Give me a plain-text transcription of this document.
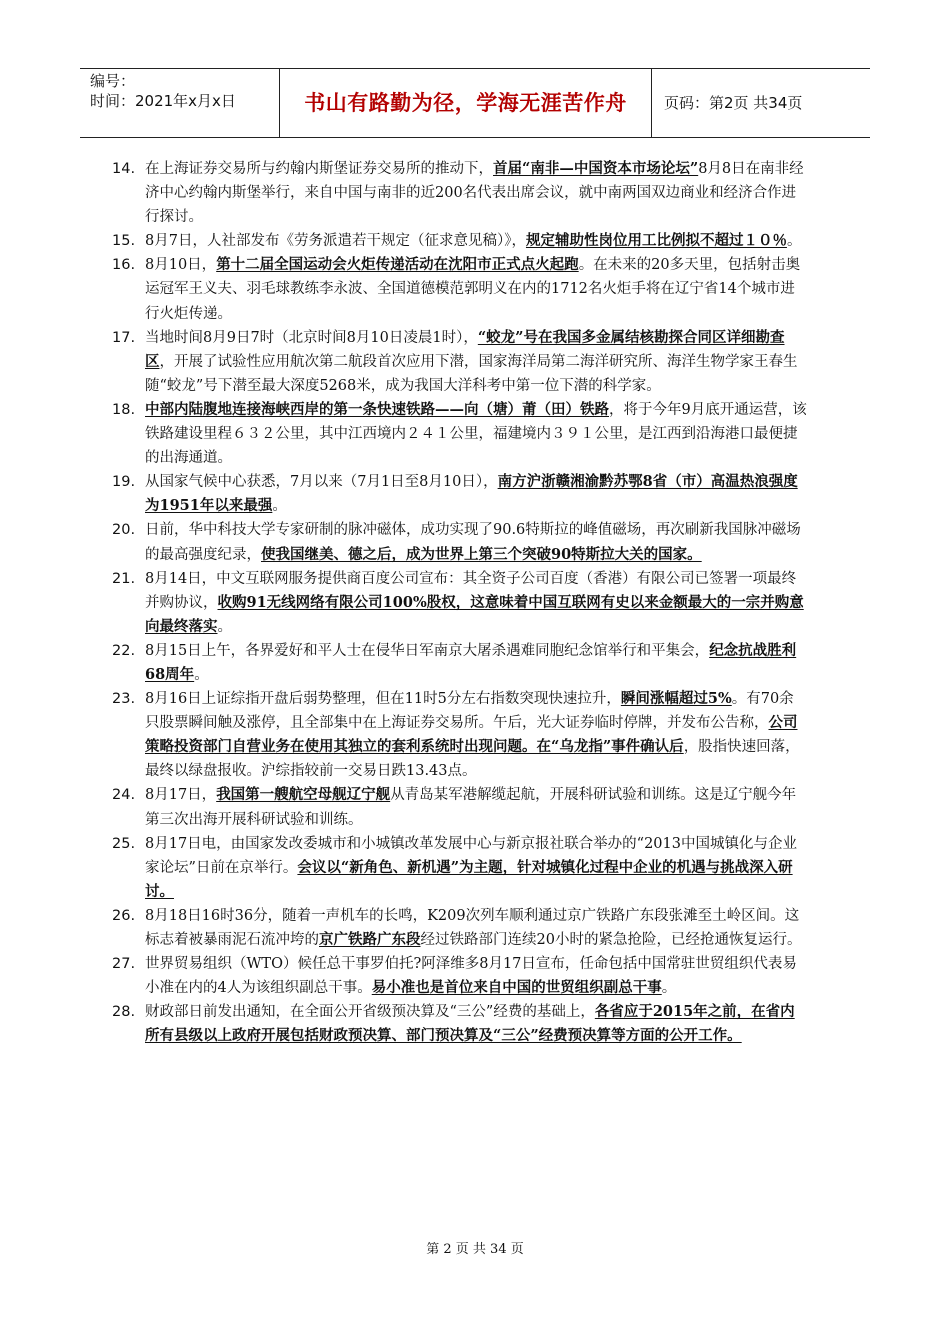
编号：
时间：2021年x月x日	书山有路勤为径，学海无涯苦作舟	页码：第2页 共34页
14. 在上海证券交易所与约翰内斯堡证券交易所的推动下，首届“南非—中国资本市场论坛”8月8日在南非经济中心约翰内斯堡举行，来自中国与南非的近200名代表出席会议，就中南两国双边商业和经济合作进行探讨。
15. 8月7日，人社部发布《劳务派遣若干规定（征求意见稿）》，规定辅助性岗位用工比例拟不超过１０％。
16. 8月10日，第十二届全国运动会火炬传递活动在沈阳市正式点火起跑。在未来的20多天里，包括射击奥运冠军王义夫、羽毛球教练李永波、全国道德模范郭明义在内的1712名火炬手将在辽宁省14个城市进行火炬传递。
17. 当地时间8月9日7时（北京时间8月10日凌晨1时），“蛟龙”号在我国多金属结核勘探合同区详细勘查区，开展了试验性应用航次第二航段首次应用下潜，国家海洋局第二海洋研究所、海洋生物学家王春生随“蛟龙”号下潜至最大深度5268米，成为我国大洋科考中第一位下潜的科学家。
18. 中部内陆腹地连接海峡西岸的第一条快速铁路——向（塘）莆（田）铁路，将于今年9月底开通运营，该铁路建设里程６３２公里，其中江西境内２４１公里，福建境内３９１公里，是江西到沿海港口最便捷的出海通道。
19. 从国家气候中心获悉，7月以来（7月1日至8月10日），南方沪浙赣湘渝黔苏鄂8省（市）高温热浪强度为1951年以来最强。
20. 日前，华中科技大学专家研制的脉冲磁体，成功实现了90.6特斯拉的峰值磁场，再次刷新我国脉冲磁场的最高强度纪录，使我国继美、德之后，成为世界上第三个突破90特斯拉大关的国家。
21. 8月14日，中文互联网服务提供商百度公司宣布：其全资子公司百度（香港）有限公司已签署一项最终并购协议，收购91无线网络有限公司100%股权，这意味着中国互联网有史以来金额最大的一宗并购意向最终落实。
22. 8月15日上午，各界爱好和平人士在侵华日军南京大屠杀遇难同胞纪念馆举行和平集会，纪念抗战胜利68周年。
23. 8月16日上证综指开盘后弱势整理，但在11时5分左右指数突现快速拉升，瞬间涨幅超过5%。有70余只股票瞬间触及涨停，且全部集中在上海证券交易所。午后，光大证券临时停牌，并发布公告称，公司策略投资部门自营业务在使用其独立的套利系统时出现问题。在“乌龙指”事件确认后，股指快速回落，最终以绿盘报收。沪综指较前一交易日跌13.43点。
24. 8月17日，我国第一艘航空母舰辽宁舰从青岛某军港解缆起航，开展科研试验和训练。这是辽宁舰今年第三次出海开展科研试验和训练。
25. 8月17日电，由国家发改委城市和小城镇改革发展中心与新京报社联合举办的“2013中国城镇化与企业家论坛”日前在京举行。会议以“新角色、新机遇”为主题，针对城镇化过程中企业的机遇与挑战深入研讨。
26. 8月18日16时36分，随着一声机车的长鸣，K209次列车顺利通过京广铁路广东段张滩至土岭区间。这标志着被暴雨泥石流冲垮的京广铁路广东段经过铁路部门连续20小时的紧急抢险，已经抢通恢复运行。
27. 世界贸易组织（WTO）候任总干事罗伯托?阿泽维多8月17日宣布，任命包括中国常驻世贸组织代表易小准在内的4人为该组织副总干事。易小准也是首位来自中国的世贸组织副总干事。
28. 财政部日前发出通知，在全面公开省级预决算及“三公”经费的基础上，各省应于2015年之前，在省内所有县级以上政府开展包括财政预决算、部门预决算及“三公”经费预决算等方面的公开工作。
第 2 页 共 34 页
